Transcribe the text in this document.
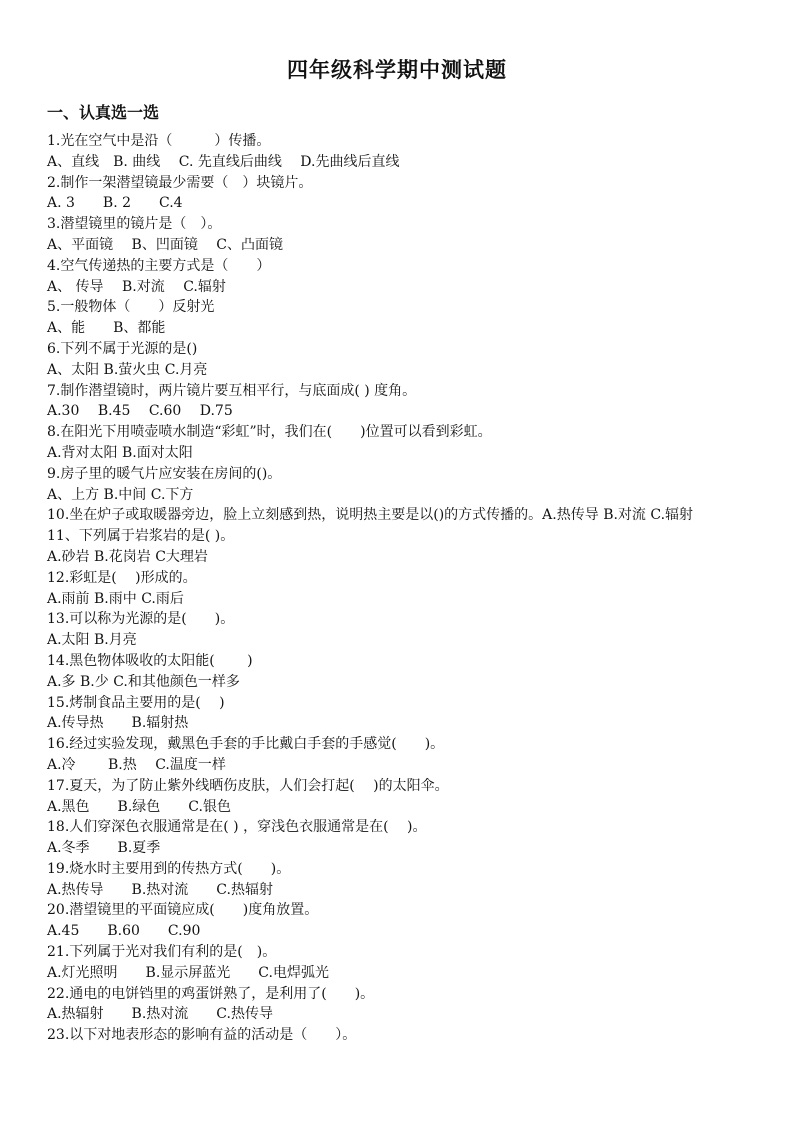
四年级科学期中测试题
一、认真选一选
1.光在空气中是沿（　　　）传播。
A、直线　B. 曲线　 C. 先直线后曲线　 D.先曲线后直线
2.制作一架潜望镜最少需要（　）块镜片。
A. 3　　B. 2　　C.4
3.潜望镜里的镜片是（　）。
A、平面镜　 B、凹面镜　 C、凸面镜
4.空气传递热的主要方式是（　　）
A、 传导　 B.对流　 C.辐射
5.一般物体（　　）反射光
A、能　　B、都能
6.下列不属于光源的是()
A、太阳 B.萤火虫 C.月亮
7.制作潜望镜时，两片镜片要互相平行，与底面成( ) 度角。
A.30　 B.45　 C.60　 D.75
8.在阳光下用喷壶喷水制造“彩虹”时，我们在(　　)位置可以看到彩虹。
A.背对太阳 B.面对太阳
9.房子里的暖气片应安装在房间的()。
A、上方 B.中间 C.下方
10.坐在炉子或取暖器旁边，脸上立刻感到热，说明热主要是以()的方式传播的。A.热传导 B.对流 C.辐射
11、下列属于岩浆岩的是( )。
A.砂岩 B.花岗岩 C大理岩
12.彩虹是(　 )形成的。
A.雨前 B.雨中 C.雨后
13.可以称为光源的是(　　)。
A.太阳 B.月亮
14.黑色物体吸收的太阳能(　　 )
A.多 B.少 C.和其他颜色一样多
15.烤制食品主要用的是(　 )
A.传导热　　B.辐射热
16.经过实验发现，戴黑色手套的手比戴白手套的手感觉(　　)。
A.冷　　 B.热　 C.温度一样
17.夏天，为了防止紫外线晒伤皮肤，人们会打起(　 )的太阳伞。
A.黑色　　B.绿色　　C.银色
18.人们穿深色衣服通常是在( ) ，穿浅色衣服通常是在(　 )。
A.冬季　　B.夏季
19.烧水时主要用到的传热方式(　　)。
A.热传导　　B.热对流　　C.热辐射
20.潜望镜里的平面镜应成(　　)度角放置。
A.45　　B.60　　C.90
21.下列属于光对我们有利的是(　)。
A.灯光照明　　B.显示屏蓝光　　C.电焊弧光
22.通电的电饼铛里的鸡蛋饼熟了，是利用了(　　)。
A.热辐射　　B.热对流　　C.热传导
23.以下对地表形态的影响有益的活动是（　　）。
